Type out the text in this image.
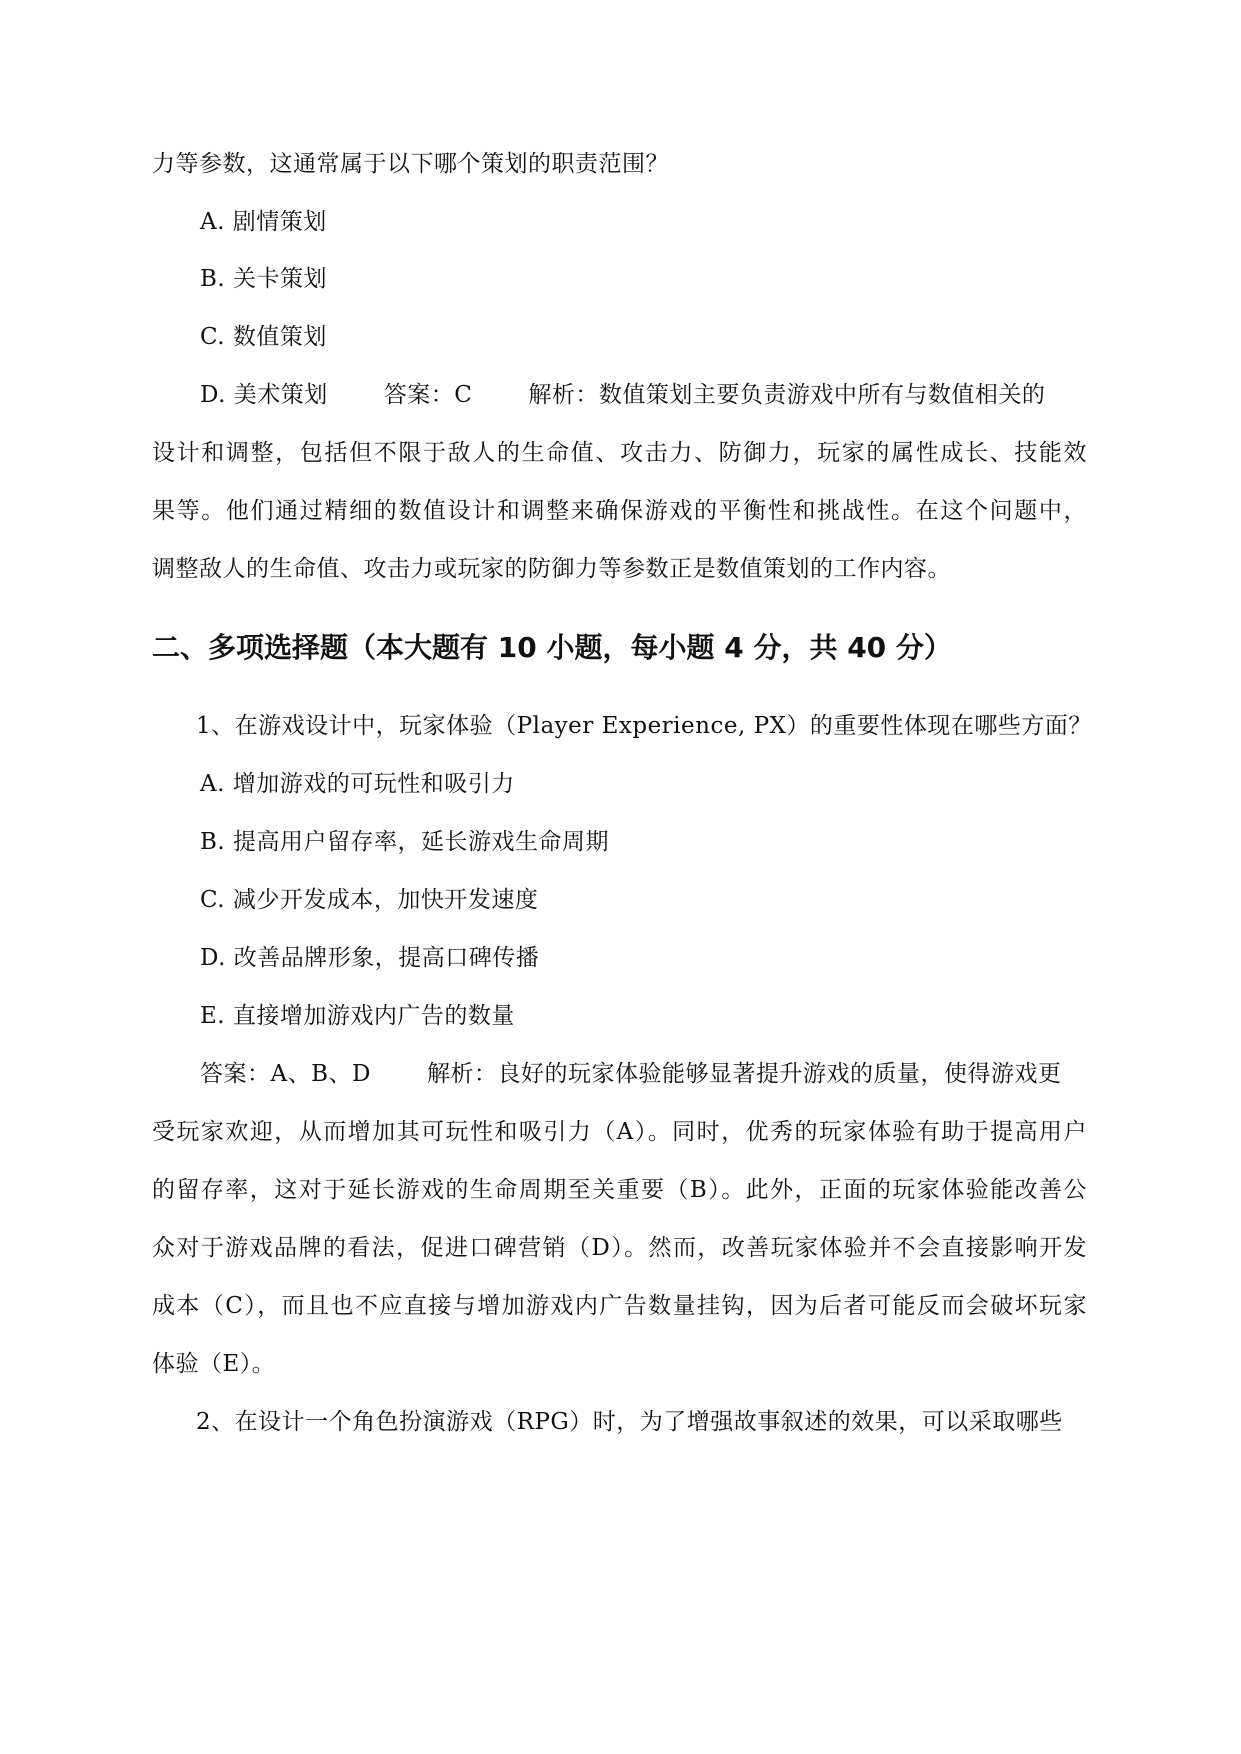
力等参数，这通常属于以下哪个策划的职责范围？
A. 剧情策划
B. 关卡策划
C. 数值策划
D. 美术策划 答案：C 解析：数值策划主要负责游戏中所有与数值相关的
设计和调整，包括但不限于敌人的生命值、攻击力、防御力，玩家的属性成长、技能效
果等。他们通过精细的数值设计和调整来确保游戏的平衡性和挑战性。在这个问题中，
调整敌人的生命值、攻击力或玩家的防御力等参数正是数值策划的工作内容。
二、多项选择题（本大题有 10 小题，每小题 4 分，共 40 分）
1、在游戏设计中，玩家体验（Player Experience, PX）的重要性体现在哪些方面？
A. 增加游戏的可玩性和吸引力
B. 提高用户留存率，延长游戏生命周期
C. 减少开发成本，加快开发速度
D. 改善品牌形象，提高口碑传播
E. 直接增加游戏内广告的数量
答案：A、B、D 解析：良好的玩家体验能够显著提升游戏的质量，使得游戏更
受玩家欢迎，从而增加其可玩性和吸引力（A）。同时，优秀的玩家体验有助于提高用户
的留存率，这对于延长游戏的生命周期至关重要（B）。此外，正面的玩家体验能改善公
众对于游戏品牌的看法，促进口碑营销（D）。然而，改善玩家体验并不会直接影响开发
成本（C），而且也不应直接与增加游戏内广告数量挂钩，因为后者可能反而会破坏玩家
体验（E）。
2、在设计一个角色扮演游戏（RPG）时，为了增强故事叙述的效果，可以采取哪些
